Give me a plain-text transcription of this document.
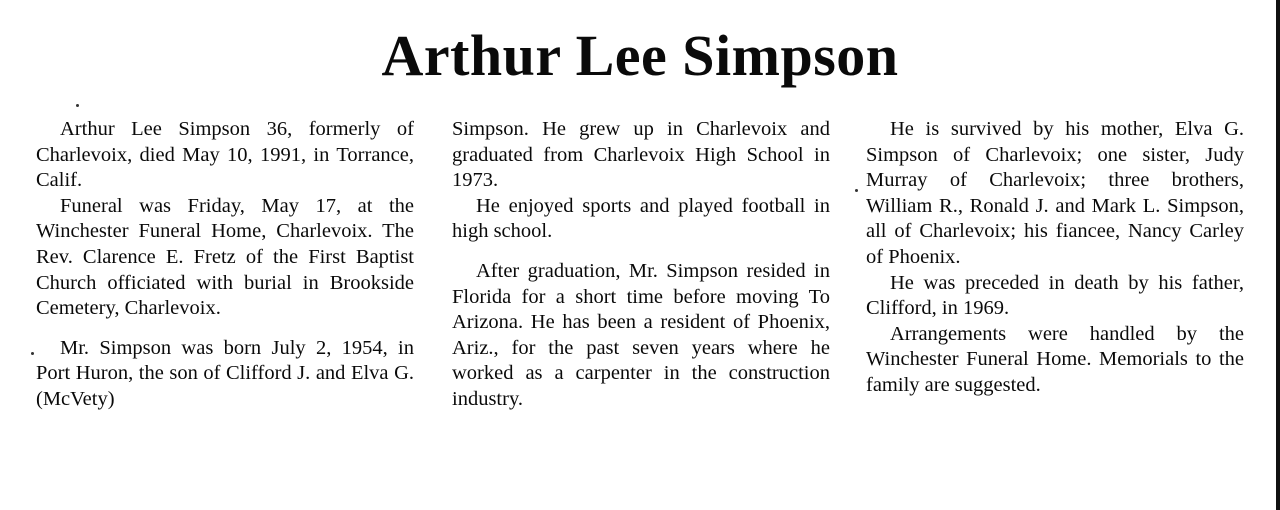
Arthur Lee Simpson

Arthur Lee Simpson 36, formerly of Charlevoix, died May 10, 1991, in Torrance, Calif.

Funeral was Friday, May 17, at the Winchester Funeral Home, Charlevoix. The Rev. Clarence E. Fretz of the First Baptist Church officiated with burial in Brookside Cemetery, Charlevoix.

Mr. Simpson was born July 2, 1954, in Port Huron, the son of Clifford J. and Elva G. (McVety)

Simpson. He grew up in Charlevoix and graduated from Charlevoix High School in 1973.

He enjoyed sports and played football in high school.

After graduation, Mr. Simpson resided in Florida for a short time before moving To Arizona. He has been a resident of Phoenix, Ariz., for the past seven years where he worked as a carpenter in the construction industry.

He is survived by his mother, Elva G. Simpson of Charlevoix; one sister, Judy Murray of Charlevoix; three brothers, William R., Ronald J. and Mark L. Simpson, all of Charlevoix; his fiancee, Nancy Carley of Phoenix.

He was preceded in death by his father, Clifford, in 1969.

Arrangements were handled by the Winchester Funeral Home. Memorials to the family are suggested.
